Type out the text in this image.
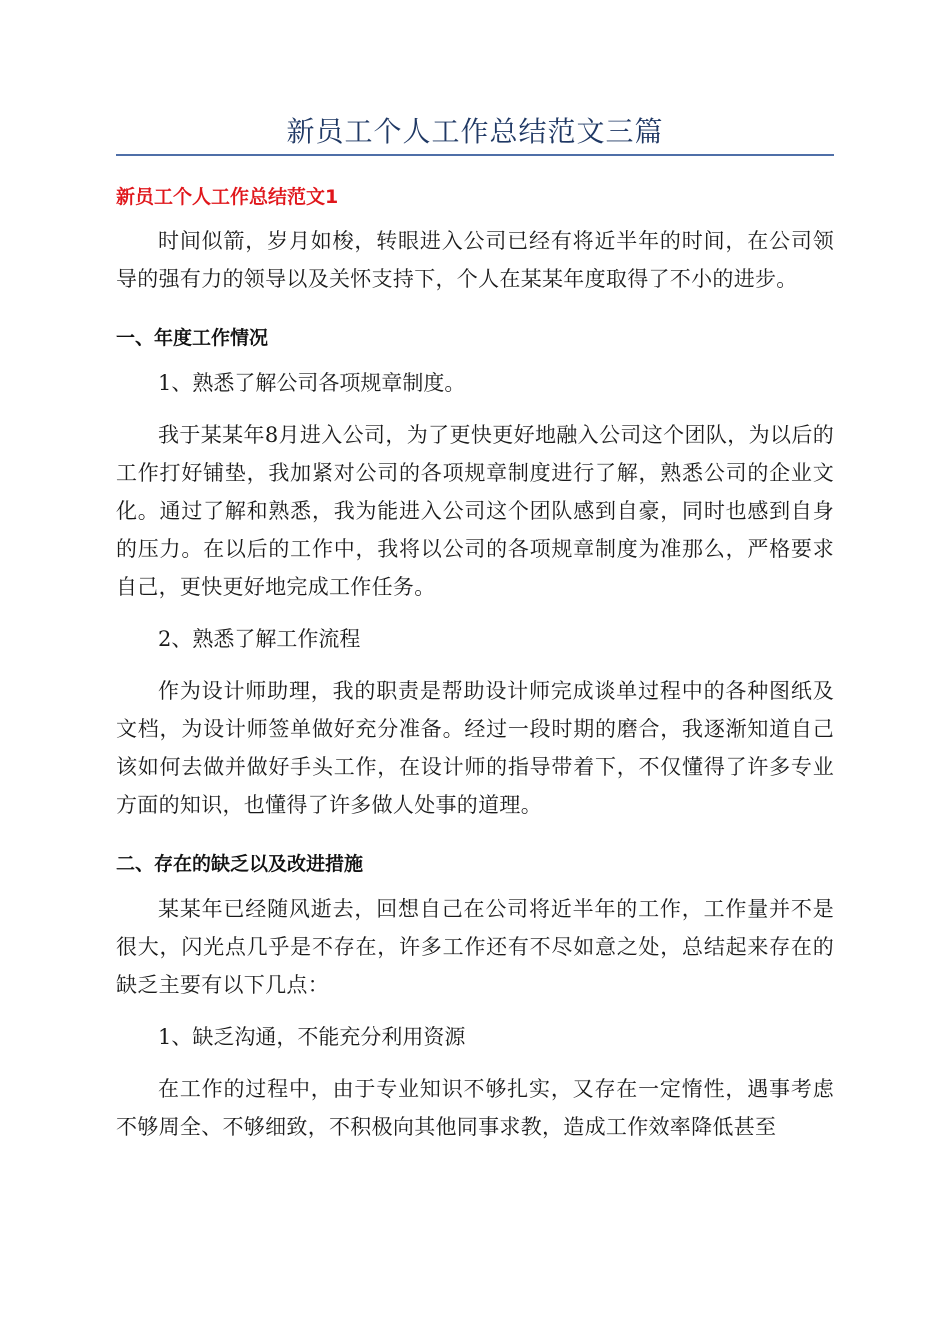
新员工个人工作总结范文三篇

新员工个人工作总结范文1

时间似箭，岁月如梭，转眼进入公司已经有将近半年的时间，在公司领导的强有力的领导以及关怀支持下，个人在某某年度取得了不小的进步。

一、年度工作情况

1、熟悉了解公司各项规章制度。

我于某某年8月进入公司，为了更快更好地融入公司这个团队，为以后的工作打好铺垫，我加紧对公司的各项规章制度进行了解，熟悉公司的企业文化。通过了解和熟悉，我为能进入公司这个团队感到自豪，同时也感到自身的压力。在以后的工作中，我将以公司的各项规章制度为准那么，严格要求自己，更快更好地完成工作任务。

2、熟悉了解工作流程

作为设计师助理，我的职责是帮助设计师完成谈单过程中的各种图纸及文档，为设计师签单做好充分准备。经过一段时期的磨合，我逐渐知道自己该如何去做并做好手头工作，在设计师的指导带着下，不仅懂得了许多专业方面的知识，也懂得了许多做人处事的道理。

二、存在的缺乏以及改进措施

某某年已经随风逝去，回想自己在公司将近半年的工作，工作量并不是很大，闪光点几乎是不存在，许多工作还有不尽如意之处，总结起来存在的缺乏主要有以下几点：

1、缺乏沟通，不能充分利用资源

在工作的过程中，由于专业知识不够扎实，又存在一定惰性，遇事考虑不够周全、不够细致，不积极向其他同事求教，造成工作效率降低甚至
